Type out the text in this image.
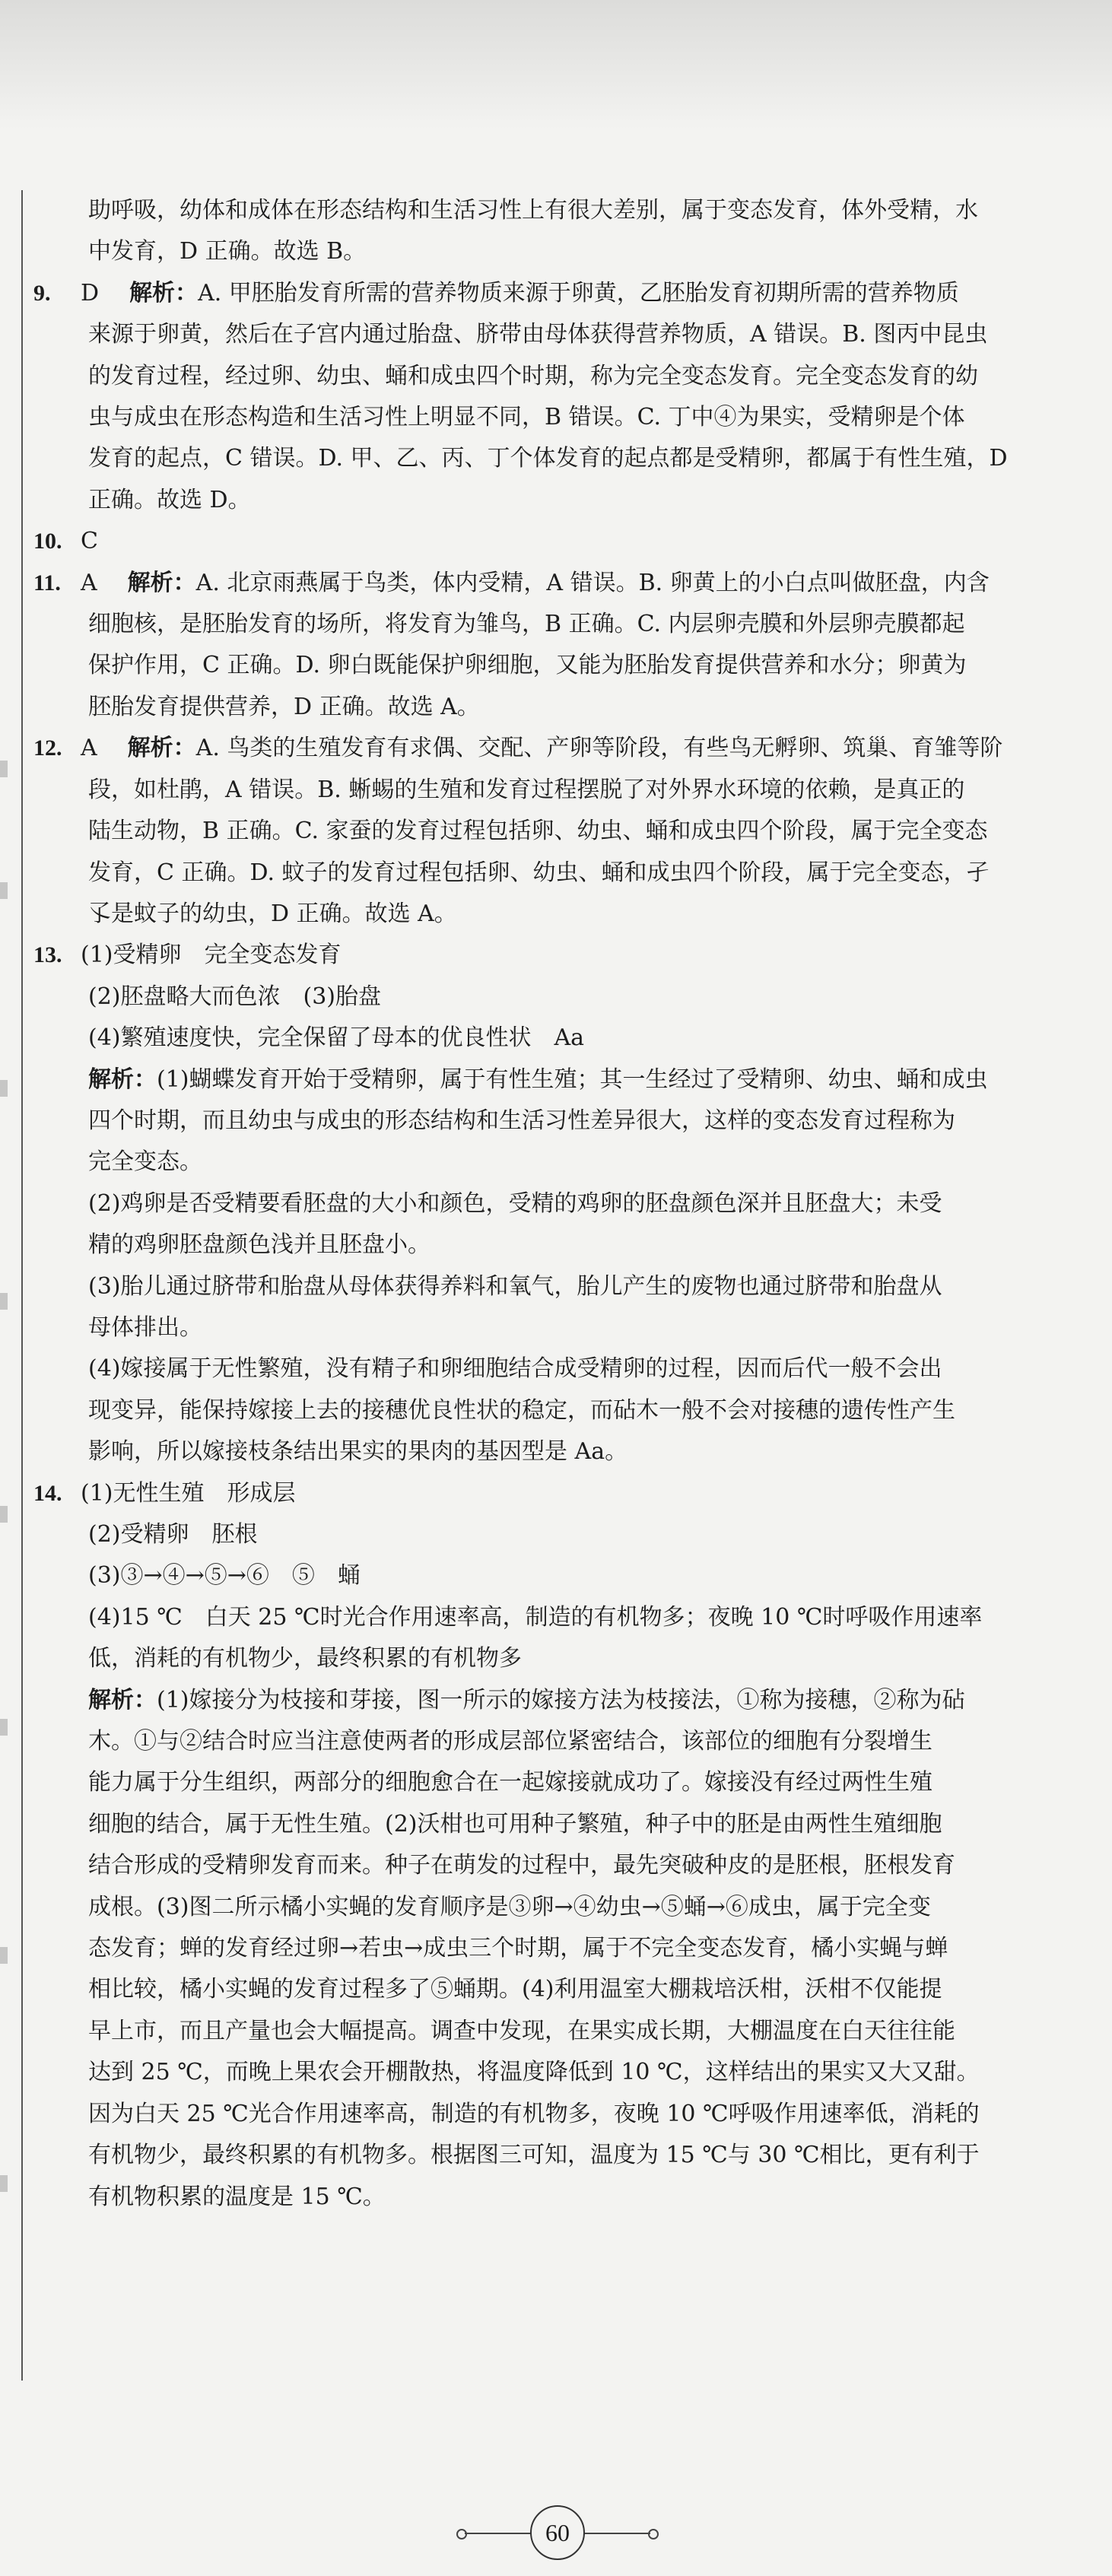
助呼吸，幼体和成体在形态结构和生活习性上有很大差别，属于变态发育，体外受精，水

中发育，D 正确。故选 B。

9. D 解析：A. 甲胚胎发育所需的营养物质来源于卵黄，乙胚胎发育初期所需的营养物质

来源于卵黄，然后在子宫内通过胎盘、脐带由母体获得营养物质，A 错误。B. 图丙中昆虫

的发育过程，经过卵、幼虫、蛹和成虫四个时期，称为完全变态发育。完全变态发育的幼

虫与成虫在形态构造和生活习性上明显不同，B 错误。C. 丁中④为果实，受精卵是个体

发育的起点，C 错误。D. 甲、乙、丙、丁个体发育的起点都是受精卵，都属于有性生殖，D

正确。故选 D。

10. C

11. A 解析：A. 北京雨燕属于鸟类，体内受精，A 错误。B. 卵黄上的小白点叫做胚盘，内含

细胞核，是胚胎发育的场所，将发育为雏鸟，B 正确。C. 内层卵壳膜和外层卵壳膜都起

保护作用，C 正确。D. 卵白既能保护卵细胞，又能为胚胎发育提供营养和水分；卵黄为

胚胎发育提供营养，D 正确。故选 A。

12. A 解析：A. 鸟类的生殖发育有求偶、交配、产卵等阶段，有些鸟无孵卵、筑巢、育雏等阶

段，如杜鹃，A 错误。B. 蜥蜴的生殖和发育过程摆脱了对外界水环境的依赖，是真正的

陆生动物，B 正确。C. 家蚕的发育过程包括卵、幼虫、蛹和成虫四个阶段，属于完全变态

发育，C 正确。D. 蚊子的发育过程包括卵、幼虫、蛹和成虫四个阶段，属于完全变态，孑

孓是蚊子的幼虫，D 正确。故选 A。

13. (1)受精卵　完全变态发育

(2)胚盘略大而色浓　(3)胎盘

(4)繁殖速度快，完全保留了母本的优良性状　Aa

解析：(1)蝴蝶发育开始于受精卵，属于有性生殖；其一生经过了受精卵、幼虫、蛹和成虫

四个时期，而且幼虫与成虫的形态结构和生活习性差异很大，这样的变态发育过程称为

完全变态。

(2)鸡卵是否受精要看胚盘的大小和颜色，受精的鸡卵的胚盘颜色深并且胚盘大；未受

精的鸡卵胚盘颜色浅并且胚盘小。

(3)胎儿通过脐带和胎盘从母体获得养料和氧气，胎儿产生的废物也通过脐带和胎盘从

母体排出。

(4)嫁接属于无性繁殖，没有精子和卵细胞结合成受精卵的过程，因而后代一般不会出

现变异，能保持嫁接上去的接穗优良性状的稳定，而砧木一般不会对接穗的遗传性产生

影响，所以嫁接枝条结出果实的果肉的基因型是 Aa。

14. (1)无性生殖　形成层

(2)受精卵　胚根

(3)③→④→⑤→⑥　⑤　蛹

(4)15 ℃　白天 25 ℃时光合作用速率高，制造的有机物多；夜晚 10 ℃时呼吸作用速率

低，消耗的有机物少，最终积累的有机物多

解析：(1)嫁接分为枝接和芽接，图一所示的嫁接方法为枝接法，①称为接穗，②称为砧

木。①与②结合时应当注意使两者的形成层部位紧密结合，该部位的细胞有分裂增生

能力属于分生组织，两部分的细胞愈合在一起嫁接就成功了。嫁接没有经过两性生殖

细胞的结合，属于无性生殖。(2)沃柑也可用种子繁殖，种子中的胚是由两性生殖细胞

结合形成的受精卵发育而来。种子在萌发的过程中，最先突破种皮的是胚根，胚根发育

成根。(3)图二所示橘小实蝇的发育顺序是③卵→④幼虫→⑤蛹→⑥成虫，属于完全变

态发育；蝉的发育经过卵→若虫→成虫三个时期，属于不完全变态发育，橘小实蝇与蝉

相比较，橘小实蝇的发育过程多了⑤蛹期。(4)利用温室大棚栽培沃柑，沃柑不仅能提

早上市，而且产量也会大幅提高。调查中发现，在果实成长期，大棚温度在白天往往能

达到 25 ℃，而晚上果农会开棚散热，将温度降低到 10 ℃，这样结出的果实又大又甜。

因为白天 25 ℃光合作用速率高，制造的有机物多，夜晚 10 ℃呼吸作用速率低，消耗的

有机物少，最终积累的有机物多。根据图三可知，温度为 15 ℃与 30 ℃相比，更有利于

有机物积累的温度是 15 ℃。

60
